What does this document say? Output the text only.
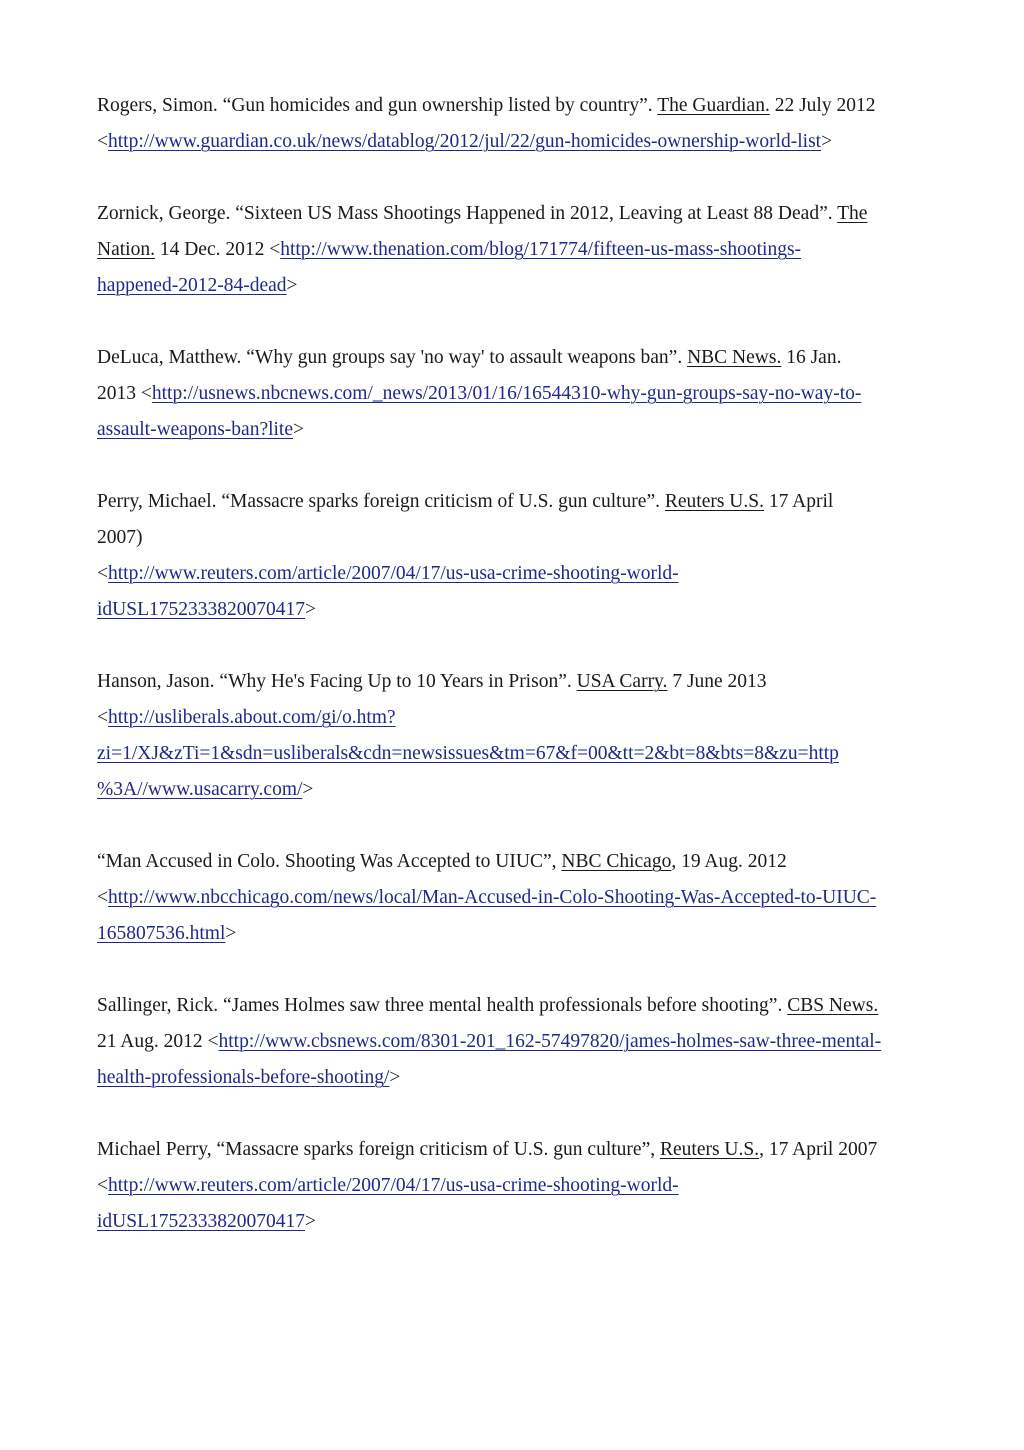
Rogers, Simon. “Gun homicides and gun ownership listed by country”. The Guardian. 22 July 2012
<http://www.guardian.co.uk/news/datablog/2012/jul/22/gun-homicides-ownership-world-list>
Zornick, George. “Sixteen US Mass Shootings Happened in 2012, Leaving at Least 88 Dead”. The
Nation. 14 Dec. 2012 <http://www.thenation.com/blog/171774/fifteen-us-mass-shootings-
happened-2012-84-dead>
DeLuca, Matthew. “Why gun groups say 'no way' to assault weapons ban”. NBC News. 16 Jan.
2013 <http://usnews.nbcnews.com/_news/2013/01/16/16544310-why-gun-groups-say-no-way-to-
assault-weapons-ban?lite>
Perry, Michael. “Massacre sparks foreign criticism of U.S. gun culture”. Reuters U.S. 17 April
2007)
<http://www.reuters.com/article/2007/04/17/us-usa-crime-shooting-world-
idUSL1752333820070417>
Hanson, Jason. “Why He's Facing Up to 10 Years in Prison”. USA Carry. 7 June 2013
<http://usliberals.about.com/gi/o.htm?
zi=1/XJ&zTi=1&sdn=usliberals&cdn=newsissues&tm=67&f=00&tt=2&bt=8&bts=8&zu=http
%3A//www.usacarry.com/>
“Man Accused in Colo. Shooting Was Accepted to UIUC”, NBC Chicago, 19 Aug. 2012
<http://www.nbcchicago.com/news/local/Man-Accused-in-Colo-Shooting-Was-Accepted-to-UIUC-
165807536.html>
Sallinger, Rick. “James Holmes saw three mental health professionals before shooting”. CBS News.
21 Aug. 2012 <http://www.cbsnews.com/8301-201_162-57497820/james-holmes-saw-three-mental-
health-professionals-before-shooting/>
Michael Perry, “Massacre sparks foreign criticism of U.S. gun culture”, Reuters U.S., 17 April 2007
<http://www.reuters.com/article/2007/04/17/us-usa-crime-shooting-world-
idUSL1752333820070417>
